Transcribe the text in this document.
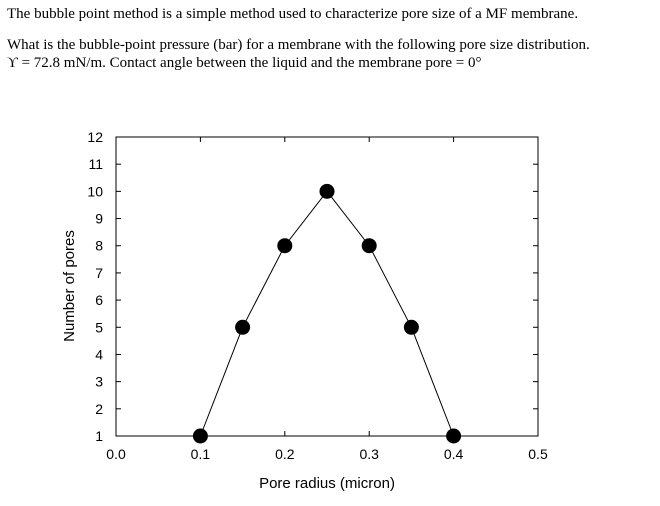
The bubble point method is a simple method used to characterize pore size of a MF membrane.

What is the bubble-point pressure (bar) for a membrane with the following pore size distribution.

ϒ = 72.8 mN/m. Contact angle between the liquid and the membrane pore = 0°

0.0	0.1	0.2	0.3	0.4	0.5
1
2
3
4
5
6
7
8
9
10
11
12
Pore radius (micron)
Number of pores
